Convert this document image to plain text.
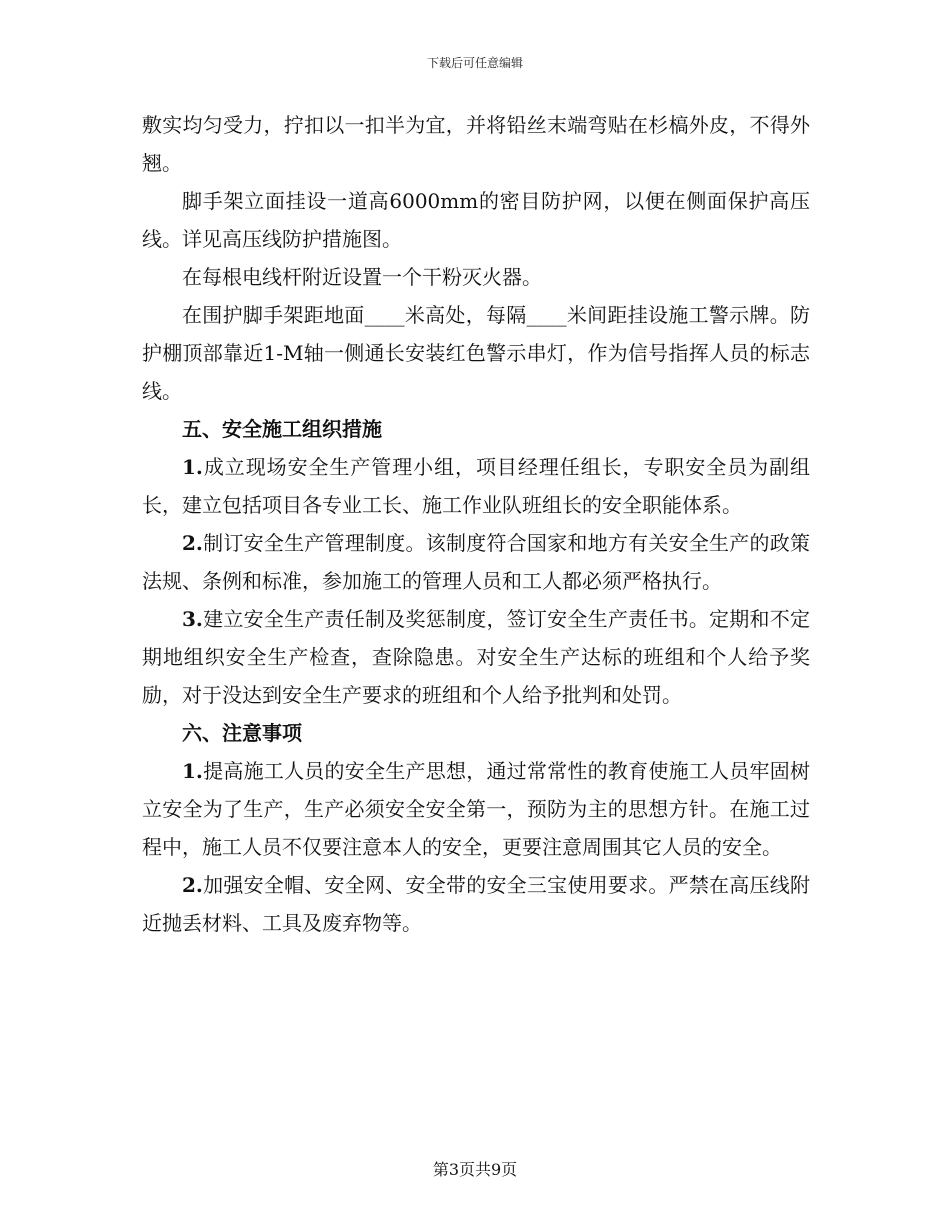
下载后可任意编辑

敷实均匀受力，拧扣以一扣半为宜，并将铅丝末端弯贴在杉槁外皮，不得外翘。

脚手架立面挂设一道高6000mm的密目防护网，以便在侧面保护高压线。详见高压线防护措施图。

在每根电线杆附近设置一个干粉灭火器。

在围护脚手架距地面____米高处，每隔____米间距挂设施工警示牌。防护棚顶部靠近1-M轴一侧通长安装红色警示串灯，作为信号指挥人员的标志线。

五、安全施工组织措施

1.成立现场安全生产管理小组，项目经理任组长，专职安全员为副组长，建立包括项目各专业工长、施工作业队班组长的安全职能体系。

2.制订安全生产管理制度。该制度符合国家和地方有关安全生产的政策法规、条例和标准，参加施工的管理人员和工人都必须严格执行。

3.建立安全生产责任制及奖惩制度，签订安全生产责任书。定期和不定期地组织安全生产检查，查除隐患。对安全生产达标的班组和个人给予奖励，对于没达到安全生产要求的班组和个人给予批判和处罚。

六、注意事项

1.提高施工人员的安全生产思想，通过常常性的教育使施工人员牢固树立安全为了生产，生产必须安全安全第一，预防为主的思想方针。在施工过程中，施工人员不仅要注意本人的安全，更要注意周围其它人员的安全。

2.加强安全帽、安全网、安全带的安全三宝使用要求。严禁在高压线附近抛丢材料、工具及废弃物等。

第3页共9页
